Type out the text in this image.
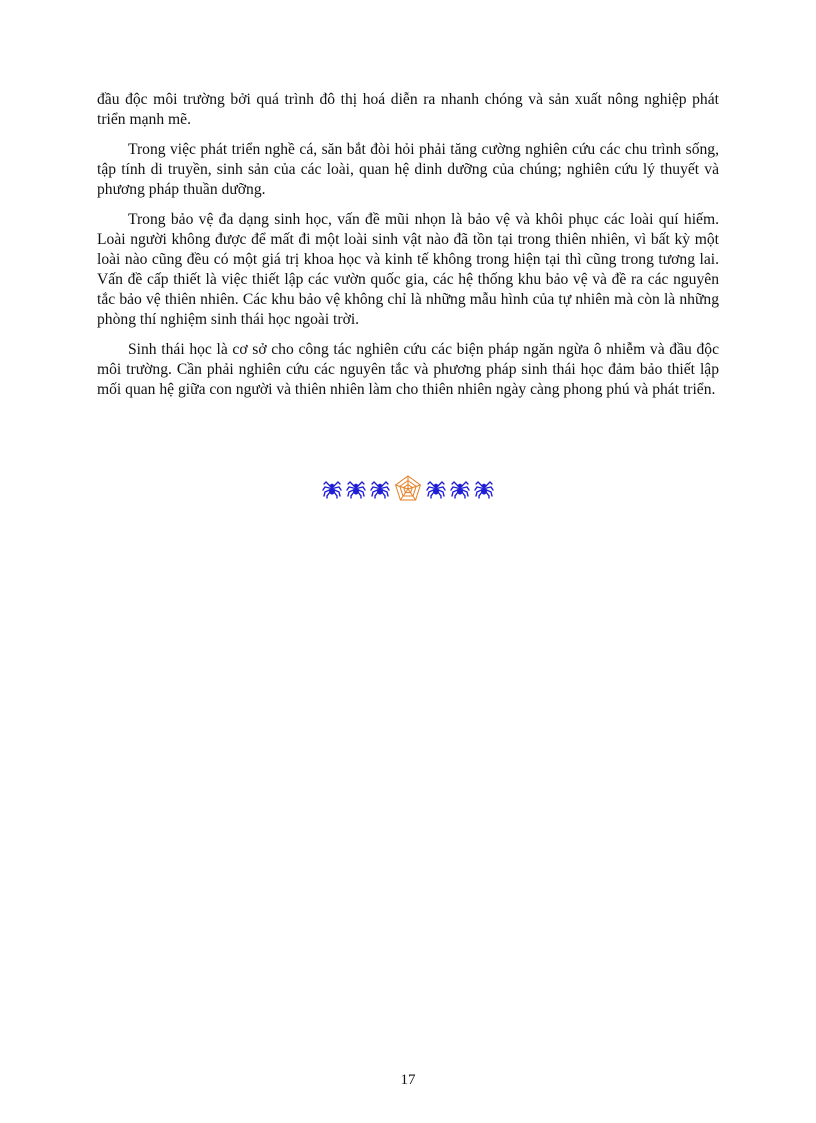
đầu độc môi trường bởi quá trình đô thị hoá diễn ra nhanh chóng và sản xuất nông nghiệp phát triển mạnh mẽ.

Trong việc phát triển nghề cá, săn bắt đòi hỏi phải tăng cường nghiên cứu các chu trình sống, tập tính di truyền, sinh sản của các loài, quan hệ dinh dưỡng của chúng; nghiên cứu lý thuyết và phương pháp thuần dưỡng.

Trong bảo vệ đa dạng sinh học, vấn đề mũi nhọn là bảo vệ và khôi phục các loài quí hiếm. Loài người không được để mất đi một loài sinh vật nào đã tồn tại trong thiên nhiên, vì bất kỳ một loài nào cũng đều có một giá trị khoa học và kinh tế không trong hiện tại thì cũng trong tương lai. Vấn đề cấp thiết là việc thiết lập các vườn quốc gia, các hệ thống khu bảo vệ và đề ra các nguyên tắc bảo vệ thiên nhiên. Các khu bảo vệ không chỉ là những mẫu hình của tự nhiên mà còn là những phòng thí nghiệm sinh thái học ngoài trời.

Sinh thái học là cơ sở cho công tác nghiên cứu các biện pháp ngăn ngừa ô nhiễm và đầu độc môi trường. Cần phải nghiên cứu các nguyên tắc và phương pháp sinh thái học đảm bảo thiết lập mối quan hệ giữa con người và thiên nhiên làm cho thiên nhiên ngày càng phong phú và phát triển.

17
